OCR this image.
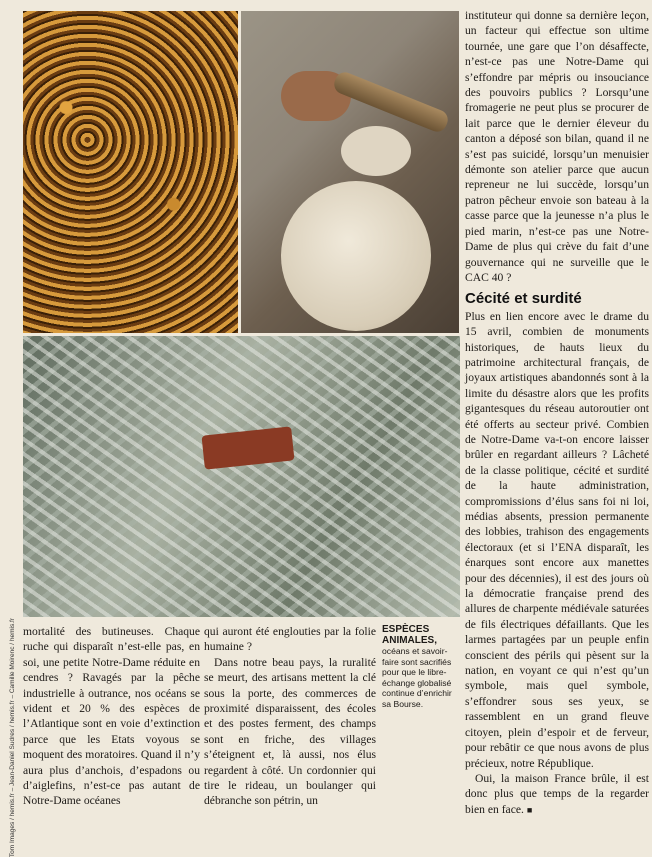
Tom Images / hemis.fr – Jean-Daniel Sudres / hemis.fr – Camille Moirenc / hemis.fr

instituteur qui donne sa dernière leçon, un facteur qui effectue son ultime tournée, une gare que l’on désaffecte, n’est-ce pas une Notre-Dame qui s’effondre par mépris ou insouciance des pouvoirs publics ? Lorsqu’une fromagerie ne peut plus se procurer de lait parce que le dernier éleveur du canton a déposé son bilan, quand il ne s’est pas suicidé, lorsqu’un menuisier démonte son atelier parce que aucun repreneur ne lui succède, lorsqu’un patron pêcheur envoie son bateau à la casse parce que la jeunesse n’a plus le pied marin, n’est-ce pas une Notre-Dame de plus qui crève du fait d’une gouvernance qui ne surveille que le CAC 40 ?

Cécité et surdité

Plus en lien encore avec le drame du 15 avril, combien de monuments historiques, de hauts lieux du patrimoine architectural français, de joyaux artistiques abandonnés sont à la limite du désastre alors que les profits gigantesques du réseau autoroutier ont été offerts au secteur privé. Combien de Notre-Dame va-t-on encore laisser brûler en regardant ailleurs ? Lâcheté de la classe politique, cécité et surdité de la haute administration, compromissions d’élus sans foi ni loi, médias absents, pression permanente des lobbies, trahison des engagements électoraux (et si l’ENA disparaît, les énarques sont encore aux manettes pour des décennies), il est des jours où la démocratie française prend des allures de charpente médiévale saturées de fils électriques défaillants. Que les larmes partagées par un peuple enfin conscient des périls qui pèsent sur la nation, en voyant ce qui n’est qu’un symbole, mais quel symbole, s’effondrer sous ses yeux, se rassemblent en un grand fleuve citoyen, plein d’espoir et de ferveur, pour rebâtir ce que nous avons de plus précieux, notre République.

Oui, la maison France brûle, il est donc plus que temps de la regarder bien en face. ■

mortalité des butineuses. Chaque ruche qui disparaît n’est-elle pas, en soi, une petite Notre-Dame réduite en cendres ? Ravagés par la pêche industrielle à outrance, nos océans se vident et 20 % des espèces de l’Atlantique sont en voie d’extinction parce que les Etats voyous se moquent des moratoires. Quand il n’y aura plus d’anchois, d’espadons ou d’aiglefins, n’est-ce pas autant de Notre-Dame océanes

qui auront été englouties par la folie humaine ?

Dans notre beau pays, la ruralité se meurt, des artisans mettent la clé sous la porte, des commerces de proximité disparaissent, des écoles et des postes ferment, des champs sont en friche, des villages s’éteignent et, là aussi, nos élus regardent à côté. Un cordonnier qui tire le rideau, un boulanger qui débranche son pétrin, un

ESPÈCES ANIMALES,
océans et savoir-faire sont sacrifiés pour que le libre-échange globalisé continue d’enrichir sa Bourse.
